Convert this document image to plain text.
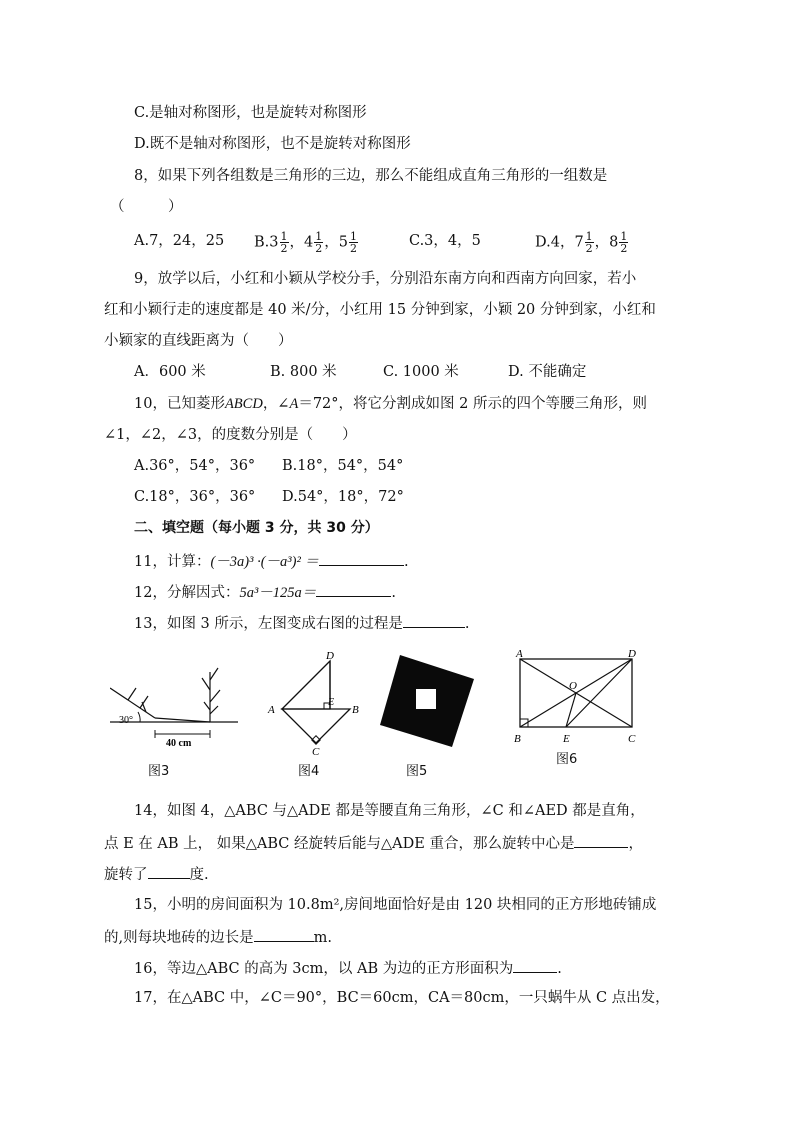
C.是轴对称图形，也是旋转对称图形
D.既不是轴对称图形，也不是旋转对称图形
8，如果下列各组数是三角形的三边，那么不能组成直角三角形的一组数是
（　　　）
A.7，24，25 $B.3 \frac{1}{2}$ ，$4 \frac{1}{2}$ ，$5 \frac{1}{2}$	C.3，4，5	D.4，$7 \frac{1}{2}$ ，$8 \frac{1}{2}$
9，放学以后，小红和小颖从学校分手，分别沿东南方向和西南方向回家，若小
红和小颖行走的速度都是 40 米/分，小红用 15 分钟到家，小颖 20 分钟到家，小红和
小颖家的直线距离为（　　）
A．600 米	B. 800 米	C. 1000 米	D. 不能确定
10，已知菱形ABCD，∠A＝72°，将它分割成如图 2 所示的四个等腰三角形，则
∠1，∠2，∠3，的度数分别是（　　）
A.36°，54°，36° B.18°，54°，54°
C.18°，36°，36° D.54°，18°，72°
二、填空题（每小题 3 分，共 30 分）
11，计算：(－3a)³ ·(－a³)² ＝	.
12，分解因式：5a³－125a＝	.
13，如图 3 所示，左图变成右图的过程是	.
30°
40 cm
图3
D
A	B
C
E
图4	图5
A	D
O
B	E	C
图6
14，如图 4，△ABC 与△ADE 都是等腰直角三角形，∠C 和∠AED 都是直角，
点 E 在 AB 上， 如果△ABC 经旋转后能与△ADE 重合，那么旋转中心是	，
旋转了	度.
15，小明的房间面积为 10.8m²,房间地面恰好是由 120 块相同的正方形地砖铺成
的,则每块地砖的边长是	m.
16，等边△ABC 的高为 3cm，以 AB 为边的正方形面积为	.
17，在△ABC 中，∠C＝90°，BC＝60cm，CA＝80cm，一只蜗牛从 C 点出发，
